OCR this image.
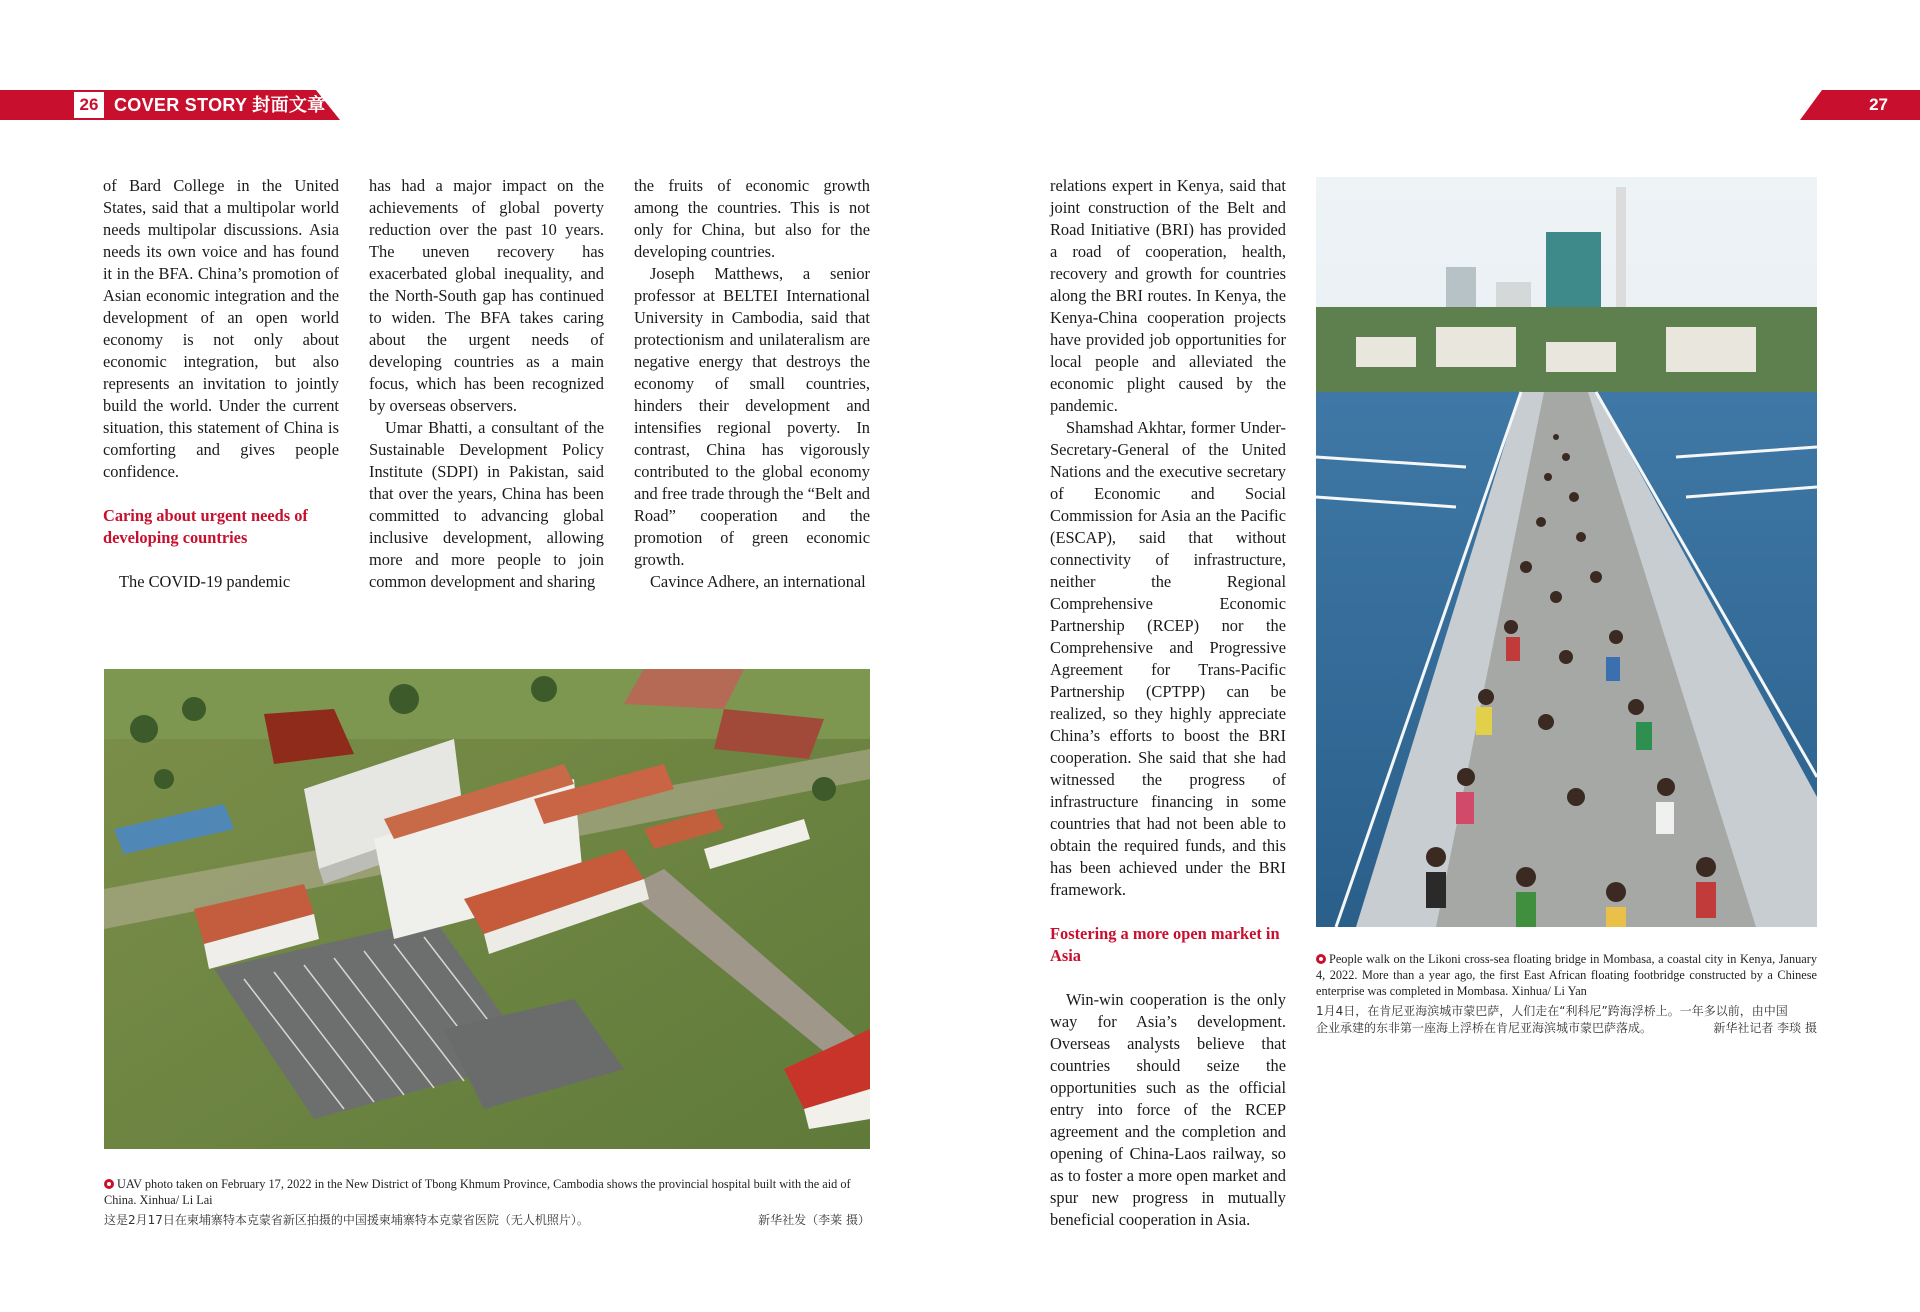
26 COVER STORY 封面文章	27

of Bard College in the United States, said that a multipolar world needs multipolar discussions. Asia needs its own voice and has found it in the BFA. China’s promotion of Asian economic integration and the development of an open world economy is not only about economic integration, but also represents an invitation to jointly build the world. Under the current situation, this statement of China is comforting and gives people confidence.

Caring about urgent needs of developing countries

The COVID-19 pandemic

has had a major impact on the achievements of global poverty reduction over the past 10 years. The uneven recovery has exacerbated global inequality, and the North-South gap has continued to widen. The BFA takes caring about the urgent needs of developing countries as a main focus, which has been recognized by overseas observers.

Umar Bhatti, a consultant of the Sustainable Development Policy Institute (SDPI) in Pakistan, said that over the years, China has been committed to advancing global inclusive development, allowing more and more people to join common development and sharing

the fruits of economic growth among the countries. This is not only for China, but also for the developing countries.

Joseph Matthews, a senior professor at BELTEI International University in Cambodia, said that protectionism and unilateralism are negative energy that destroys the economy of small countries, hinders their development and intensifies regional poverty. In contrast, China has vigorously contributed to the global economy and free trade through the “Belt and Road” cooperation and the promotion of green economic growth.

Cavince Adhere, an international

relations expert in Kenya, said that joint construction of the Belt and Road Initiative (BRI) has provided a road of cooperation, health, recovery and growth for countries along the BRI routes. In Kenya, the Kenya-China cooperation projects have provided job opportunities for local people and alleviated the economic plight caused by the pandemic.

Shamshad Akhtar, former Under-Secretary-General of the United Nations and the executive secretary of Economic and Social Commission for Asia an the Pacific (ESCAP), said that without connectivity of infrastructure, neither the Regional Comprehensive Economic Partnership (RCEP) nor the Comprehensive and Progressive Agreement for Trans-Pacific Partnership (CPTPP) can be realized, so they highly appreciate China’s efforts to boost the BRI cooperation. She said that she had witnessed the progress of infrastructure financing in some countries that had not been able to obtain the required funds, and this has been achieved under the BRI framework.

Fostering a more open market in Asia

Win-win cooperation is the only way for Asia’s development. Overseas analysts believe that countries should seize the opportunities such as the official entry into force of the RCEP agreement and the completion and opening of China-Laos railway, so as to foster a more open market and spur new progress in mutually beneficial cooperation in Asia.

UAV photo taken on February 17, 2022 in the New District of Tbong Khmum Province, Cambodia shows the provincial hospital built with the aid of China. Xinhua/ Li Lai
这是2月17日在柬埔寨特本克蒙省新区拍摄的中国援柬埔寨特本克蒙省医院（无人机照片）。	新华社发（李莱 摄）
People walk on the Likoni cross-sea floating bridge in Mombasa, a coastal city in Kenya, January 4, 2022. More than a year ago, the first East African floating footbridge constructed by a Chinese enterprise was completed in Mombasa. Xinhua/ Li Yan
1月4日，在肯尼亚海滨城市蒙巴萨，人们走在“利科尼”跨海浮桥上。一年多以前，由中国
企业承建的东非第一座海上浮桥在肯尼亚海滨城市蒙巴萨落成。	新华社记者 李琰 摄
